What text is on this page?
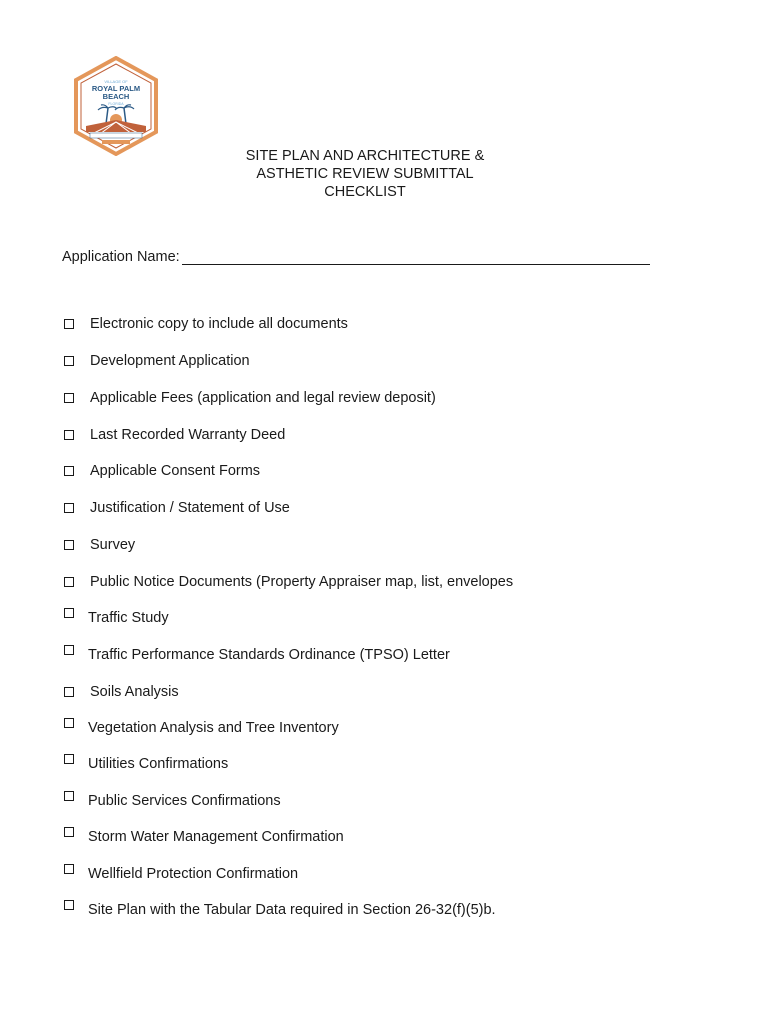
VILLAGE OF
ROYAL PALM
BEACH
FLORIDA
SITE PLAN AND ARCHITECTURE &
ASTHETIC REVIEW SUBMITTAL
CHECKLIST
Application Name:
Electronic copy to include all documents
Development Application
Applicable Fees (application and legal review deposit)
Last Recorded Warranty Deed
Applicable Consent Forms
Justification / Statement of Use
Survey
Public Notice Documents (Property Appraiser map, list, envelopes
Traffic Study
Traffic Performance Standards Ordinance (TPSO) Letter
Soils Analysis
Vegetation Analysis and Tree Inventory
Utilities Confirmations
Public Services Confirmations
Storm Water Management Confirmation
Wellfield Protection Confirmation
Site Plan with the Tabular Data required in Section 26-32(f)(5)b.
